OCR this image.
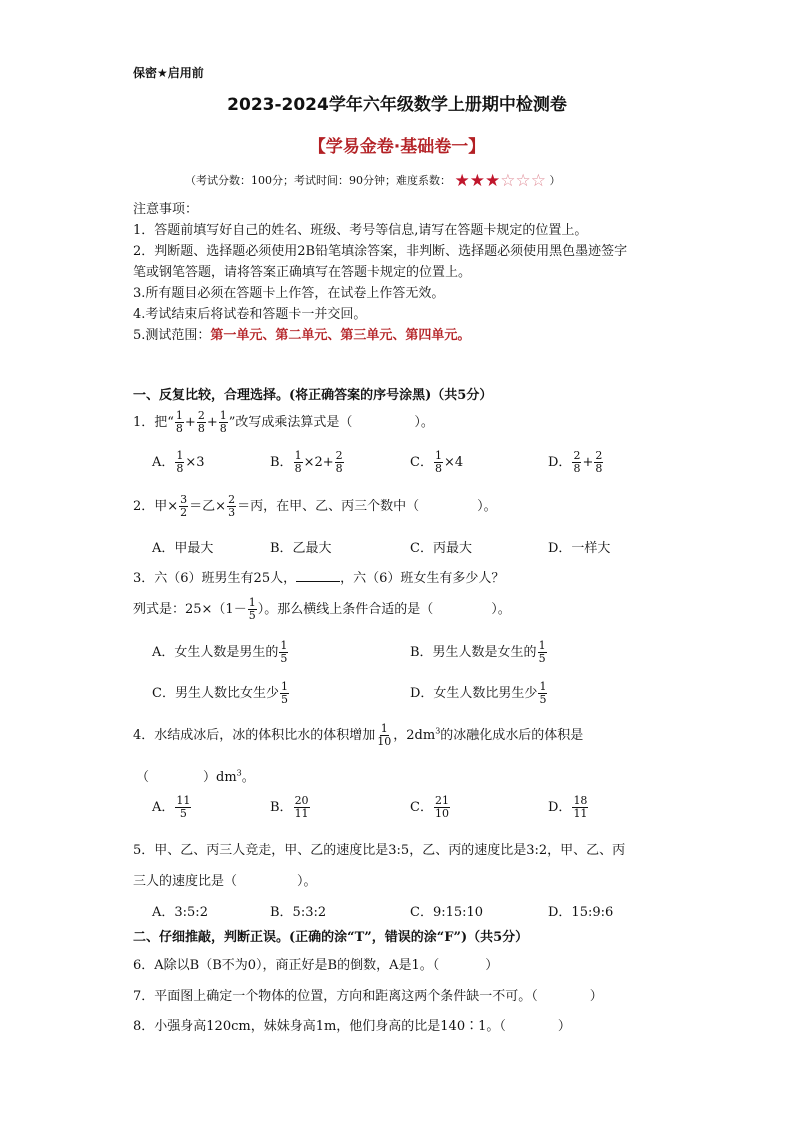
保密★启用前
2023-2024学年六年级数学上册期中检测卷
【学易金卷·基础卷一】
（考试分数：100分；考试时间：90分钟；难度系数： ★★★☆☆☆ ）
注意事项：
1．答题前填写好自己的姓名、班级、考号等信息,请写在答题卡规定的位置上。
2．判断题、选择题必须使用2B铅笔填涂答案，非判断、选择题必须使用黑色墨迹签字
笔或钢笔答题，请将答案正确填写在答题卡规定的位置上。
3.所有题目必须在答题卡上作答，在试卷上作答无效。
4.考试结束后将试卷和答题卡一并交回。
5.测试范围：第一单元、第二单元、第三单元、第四单元。
一、反复比较，合理选择。(将正确答案的序号涂黑)（共5分）
1．把“ $\frac{1}{8} + \frac{2}{8} + \frac{1}{8}$ ”改写成乘法算式是（	）。
A． $\frac{1}{8} \times 3$	B． $\frac{1}{8} \times 2+ \frac{2}{8}$	C． $\frac{1}{8} \times 4$	D． $\frac{2}{8} + \frac{2}{8}$
2．甲× $\frac{3}{2}$ ＝乙× $\frac{2}{3}$ ＝丙，在甲、乙、丙三个数中（	）。
A．甲最大	B．乙最大	C．丙最大	D．一样大
3．六（6）班男生有25人，	，六（6）班女生有多少人？
列式是：$25\times(1- \frac{1}{5}$ ）。那么横线上条件合适的是（	）。
A．女生人数是男生的 $\frac{1}{5}$	B．男生人数是女生的 $\frac{1}{5}$
C．男生人数比女生少 $\frac{1}{5}$	D．女生人数比男生少 $\frac{1}{5}$
4．水结成冰后，冰的体积比水的体积增加 $\frac{1}{10}$ ，$2dm^3$的冰融化成水后的体积是
（	）$dm^3$。
A． $\frac{11}{5}$	B． $\frac{20}{11}$	C． $\frac{21}{10}$	D． $\frac{18}{11}$
5．甲、乙、丙三人竞走，甲、乙的速度比是3:5，乙、丙的速度比是3:2，甲、乙、丙
三人的速度比是（	）。
A．3:5:2	B．5:3:2	C．9:15:10	D．15:9:6
二、仔细推敲，判断正误。(正确的涂“T”，错误的涂“F”)（共5分）
6．A除以B（B不为0），商正好是B的倒数，A是1。（	）
7．平面图上确定一个物体的位置，方向和距离这两个条件缺一不可。（	）
8．小强身高120cm，妹妹身高1m，他们身高的比是140∶1。（	）
